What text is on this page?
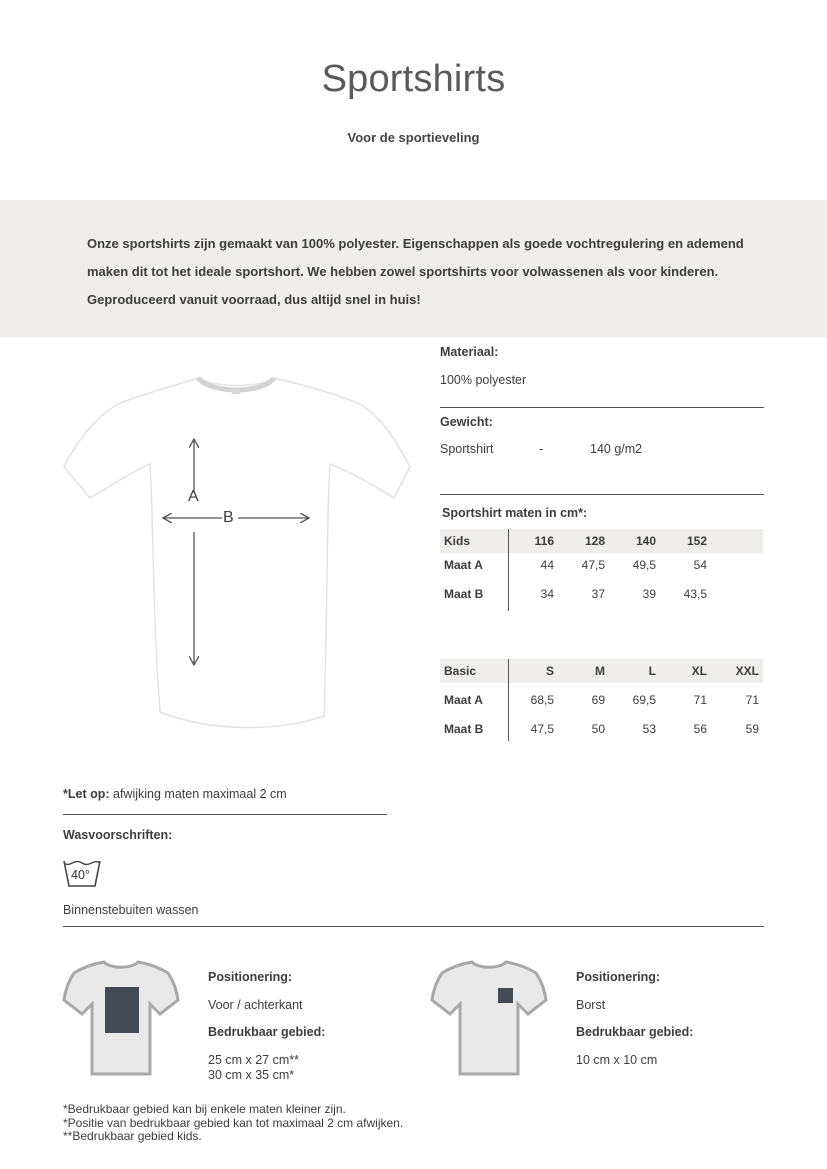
Sportshirts
Voor de sportieveling
Onze sportshirts zijn gemaakt van 100% polyester. Eigenschappen als goede vochtregulering en ademend
maken dit tot het ideale sportshort. We hebben zowel sportshirts voor volwassenen als voor kinderen.
Geproduceerd vanuit voorraad, dus altijd snel in huis!
A
B
Materiaal:
100% polyester
Gewicht:
Sportshirt	-	140 g/m2
Sportshirt maten in cm*:
Kids	116	128	140	152	
Maat A	44	47,5	49,5	54	
Maat B	34	37	39	43,5	
Basic	S	M	L	XL	XXL
Maat A	68,5	69	69,5	71	71
Maat B	47,5	50	53	56	59
*Let op: afwijking maten maximaal 2 cm
Wasvoorschriften:
40°
Binnenstebuiten wassen
Positionering:
Voor / achterkant
Bedrukbaar gebied:
25 cm x 27 cm**
30 cm x 35 cm*
Positionering:
Borst
Bedrukbaar gebied:
10 cm x 10 cm
*Bedrukbaar gebied kan bij enkele maten kleiner zijn.
*Positie van bedrukbaar gebied kan tot maximaal 2 cm afwijken.
**Bedrukbaar gebied kids.
